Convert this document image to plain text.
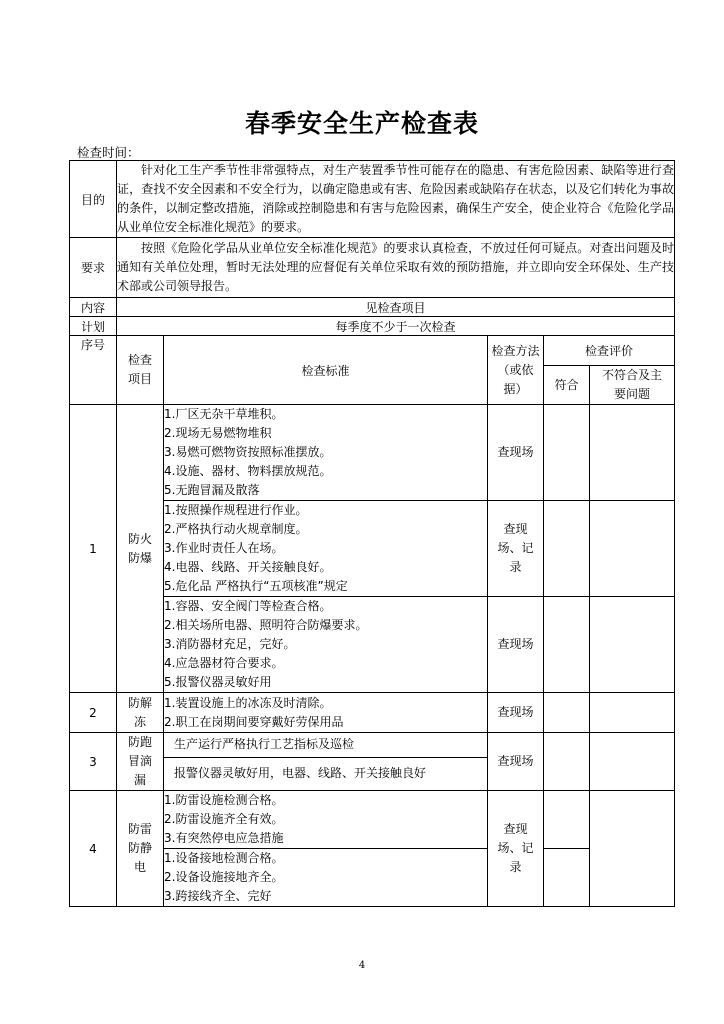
春季安全生产检查表
检查时间：
目的	针对化工生产季节性非常强特点，对生产装置季节性可能存在的隐患、有害危险因素、缺陷等进行查证，查找不安全因素和不安全行为，以确定隐患或有害、危险因素或缺陷存在状态，以及它们转化为事故的条件，以制定整改措施，消除或控制隐患和有害与危险因素，确保生产安全，使企业符合《危险化学品从业单位安全标准化规范》的要求。				
要求	按照《危险化学品从业单位安全标准化规范》的要求认真检查，不放过任何可疑点。对查出问题及时通知有关单位处理，暂时无法处理的应督促有关单位采取有效的预防措施，并立即向安全环保处、生产技术部或公司领导报告。				
内容	见检查项目				
计划	每季度不少于一次检查				
序号	检查项目	检查标准	检查方法（或依据）	检查评价	
				符合	不符合及主要问题
1	防火防爆	1.厂区无杂干草堆积。
2.现场无易燃物堆积
3.易燃可燃物资按照标准摆放。
4.设施、器材、物料摆放规范。
5.无跑冒漏及散落	查现场		

		1.按照操作规程进行作业。
2.严格执行动火规章制度。
3.作业时责任人在场。
4.电器、线路、开关接触良好。
5.危化品 严格执行“五项核准”规定	查现场、记录		

		1.容器、安全阀门等检查合格。
2.相关场所电器、照明符合防爆要求。
3.消防器材充足，完好。
4.应急器材符合要求。
5.报警仪器灵敏好用	查现场		
2	防解冻	1.装置设施上的冰冻及时清除。
2.职工在岗期间要穿戴好劳保用品	查现场		
3	防跑冒滴漏	生产运行严格执行工艺指标及巡检	查现场		

		报警仪器灵敏好用，电器、线路、开关接触良好			

4	防雷防静电	1.防雷设施检测合格。
2.防雷设施齐全有效。
3.有突然停电应急措施	查现场、记录		

		1.设备接地检测合格。
2.设备设施接地齐全。
3.跨接线齐全、完好			

4
